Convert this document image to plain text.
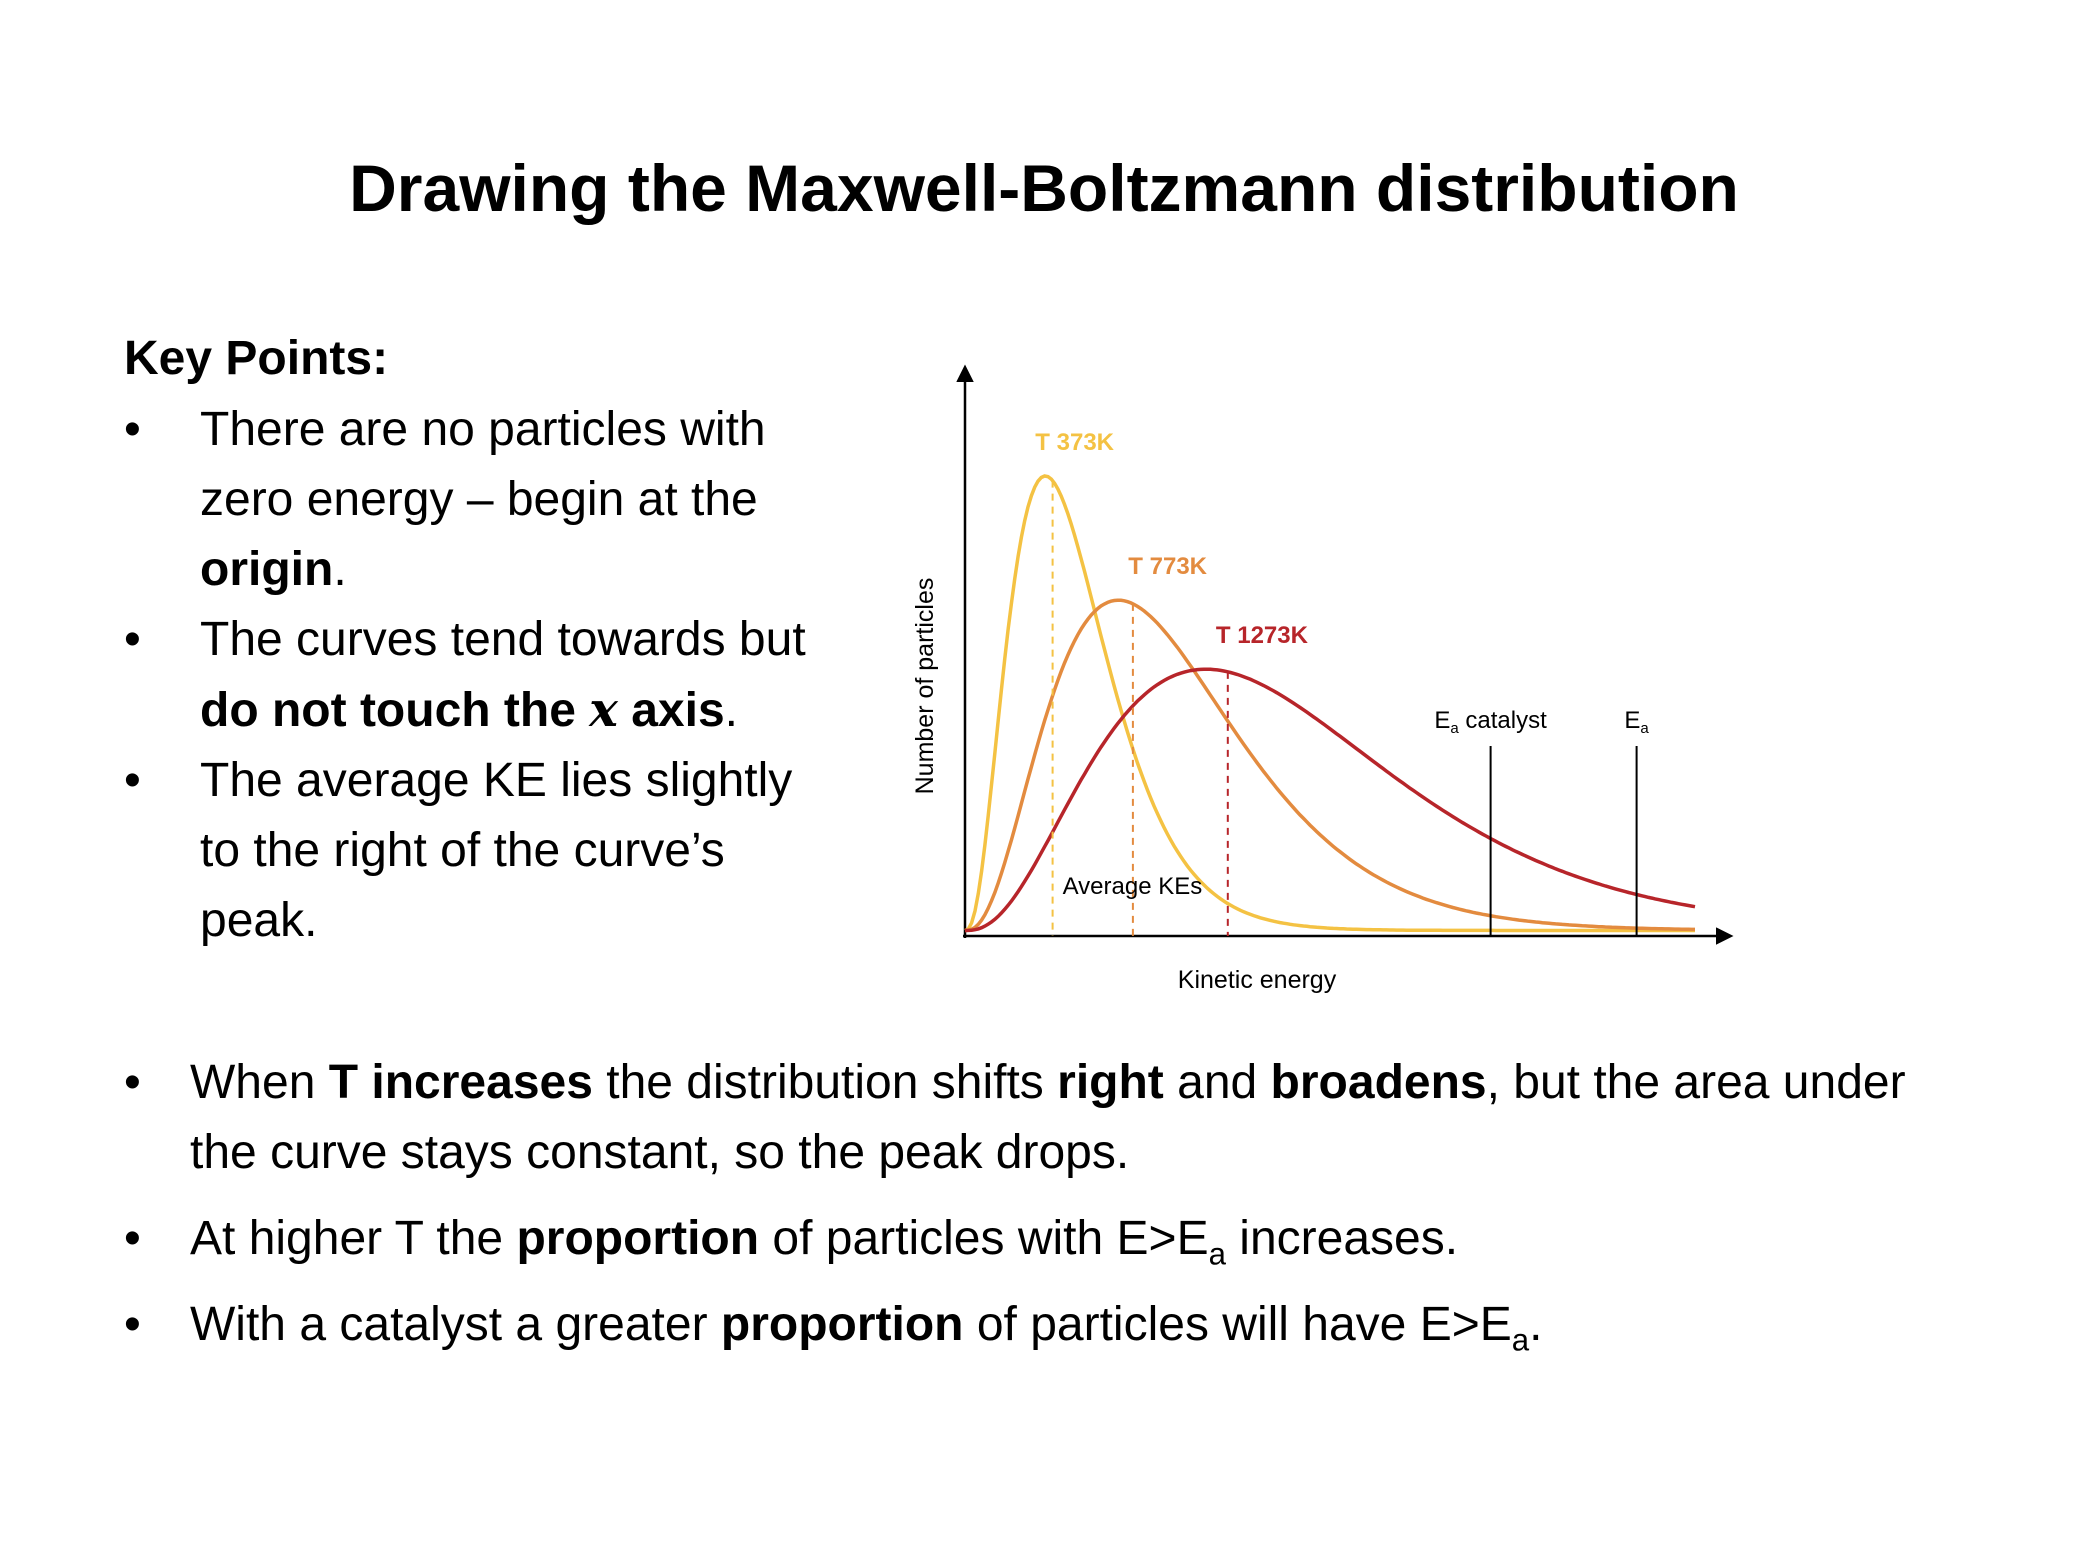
Drawing the Maxwell-Boltzmann distribution
Key Points:
• There are no particles with zero energy – begin at the origin.
• The curves tend towards but do not touch the x axis.
• The average KE lies slightly to the right of the curve’s peak.
T 373K
T 773K
T 1273K
Average KEs
$E_a$ catalyst	$E_a$
Kinetic energy
Number of particles
• When T increases the distribution shifts right and broadens, but the area under the curve stays constant, so the peak drops.
• At higher T the proportion of particles with $E>E_a$ increases.
• With a catalyst a greater proportion of particles will have $E>E_a$.
